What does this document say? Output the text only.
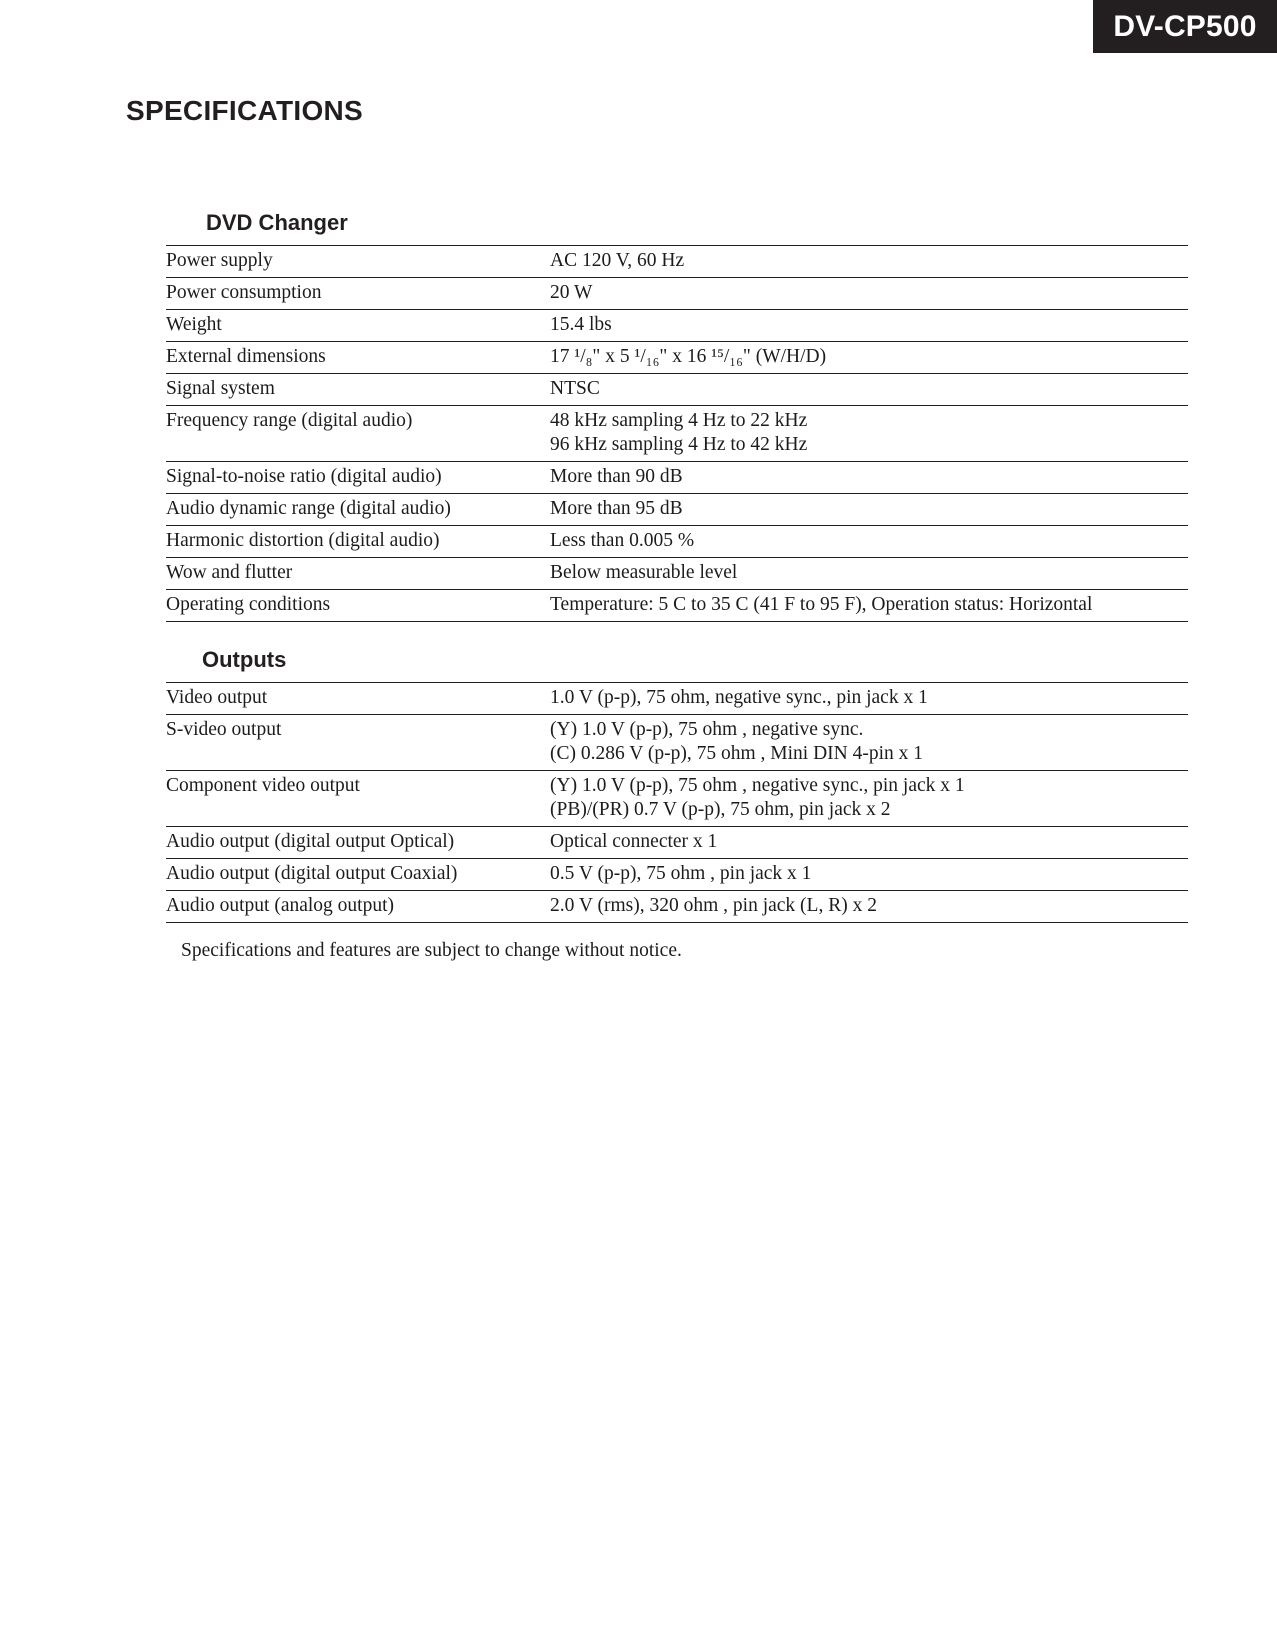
DV-CP500
SPECIFICATIONS
DVD Changer
Power supply	AC 120 V, 60 Hz
Power consumption	20 W
Weight	15.4 lbs
External dimensions	17 ¹/₈" x 5 ¹/₁₆" x 16 ¹⁵/₁₆" (W/H/D)
Signal system	NTSC
Frequency range (digital audio)	48 kHz sampling 4 Hz to 22 kHz
96 kHz sampling 4 Hz to 42 kHz
Signal-to-noise ratio (digital audio)	More than 90 dB
Audio dynamic range (digital audio)	More than 95 dB
Harmonic distortion (digital audio)	Less than 0.005 %
Wow and flutter	Below measurable level
Operating conditions	Temperature: 5 C to 35 C (41 F to 95 F), Operation status: Horizontal
Outputs
Video output	1.0 V (p-p), 75 ohm, negative sync., pin jack x 1
S-video output	(Y) 1.0 V (p-p), 75 ohm , negative sync.
(C) 0.286 V (p-p), 75 ohm , Mini DIN 4-pin x 1
Component video output	(Y) 1.0 V (p-p), 75 ohm , negative sync., pin jack x 1
(PB)/(PR) 0.7 V (p-p), 75 ohm, pin jack x 2
Audio output (digital output Optical)	Optical connecter x 1
Audio output (digital output Coaxial)	0.5 V (p-p), 75 ohm , pin jack x 1
Audio output (analog output)	2.0 V (rms), 320 ohm , pin jack (L, R) x 2
Specifications and features are subject to change without notice.
